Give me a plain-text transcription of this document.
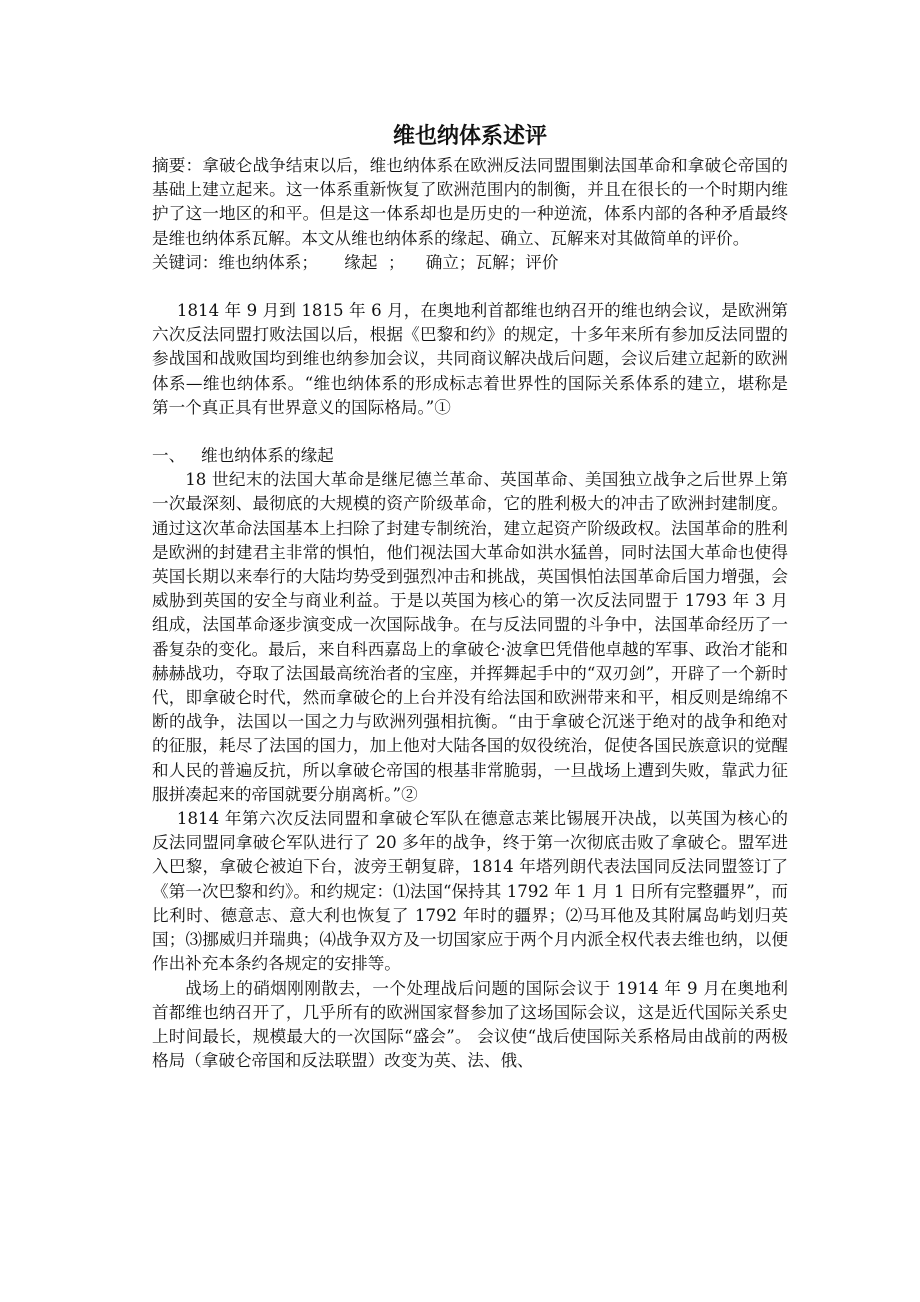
维也纳体系述评

摘要：拿破仑战争结束以后，维也纳体系在欧洲反法同盟围剿法国革命和拿破仑帝国的基础上建立起来。这一体系重新恢复了欧洲范围内的制衡，并且在很长的一个时期内维护了这一地区的和平。但是这一体系却也是历史的一种逆流，体系内部的各种矛盾最终是维也纳体系瓦解。本文从维也纳体系的缘起、确立、瓦解来对其做简单的评价。

关键词：维也纳体系；     缘起  ；    确立；瓦解；评价

1814 年 9 月到 1815 年 6 月，在奥地利首都维也纳召开的维也纳会议，是欧洲第六次反法同盟打败法国以后，根据《巴黎和约》的规定，十多年来所有参加反法同盟的参战国和战败国均到维也纳参加会议，共同商议解决战后问题，会议后建立起新的欧洲体系—维也纳体系。“维也纳体系的形成标志着世界性的国际关系体系的建立，堪称是第一个真正具有世界意义的国际格局。”①

一、   维也纳体系的缘起

18 世纪末的法国大革命是继尼德兰革命、英国革命、美国独立战争之后世界上第一次最深刻、最彻底的大规模的资产阶级革命，它的胜利极大的冲击了欧洲封建制度。通过这次革命法国基本上扫除了封建专制统治，建立起资产阶级政权。法国革命的胜利是欧洲的封建君主非常的惧怕，他们视法国大革命如洪水猛兽，同时法国大革命也使得英国长期以来奉行的大陆均势受到强烈冲击和挑战，英国惧怕法国革命后国力增强，会威胁到英国的安全与商业利益。于是以英国为核心的第一次反法同盟于 1793 年 3 月组成，法国革命逐步演变成一次国际战争。在与反法同盟的斗争中，法国革命经历了一番复杂的变化。最后，来自科西嘉岛上的拿破仑·波拿巴凭借他卓越的军事、政治才能和赫赫战功，夺取了法国最高统治者的宝座，并挥舞起手中的“双刃剑”，开辟了一个新时代，即拿破仑时代，然而拿破仑的上台并没有给法国和欧洲带来和平，相反则是绵绵不断的战争，法国以一国之力与欧洲列强相抗衡。“由于拿破仑沉迷于绝对的战争和绝对的征服，耗尽了法国的国力，加上他对大陆各国的奴役统治，促使各国民族意识的觉醒和人民的普遍反抗，所以拿破仑帝国的根基非常脆弱，一旦战场上遭到失败，靠武力征服拼凑起来的帝国就要分崩离析。”②

1814 年第六次反法同盟和拿破仑军队在德意志莱比锡展开决战，以英国为核心的反法同盟同拿破仑军队进行了 20 多年的战争，终于第一次彻底击败了拿破仑。盟军进入巴黎，拿破仑被迫下台，波旁王朝复辟，1814 年塔列朗代表法国同反法同盟签订了《第一次巴黎和约》。和约规定：⑴法国“保持其 1792 年 1 月 1 日所有完整疆界”，而比利时、德意志、意大利也恢复了 1792 年时的疆界；⑵马耳他及其附属岛屿划归英国；⑶挪威归并瑞典；⑷战争双方及一切国家应于两个月内派全权代表去维也纳，以便作出补充本条约各规定的安排等。

战场上的硝烟刚刚散去，一个处理战后问题的国际会议于 1914 年 9 月在奥地利首都维也纳召开了，几乎所有的欧洲国家督参加了这场国际会议，这是近代国际关系史上时间最长，规模最大的一次国际“盛会”。 会议使“战后使国际关系格局由战前的两极格局（拿破仑帝国和反法联盟）改变为英、法、俄、
